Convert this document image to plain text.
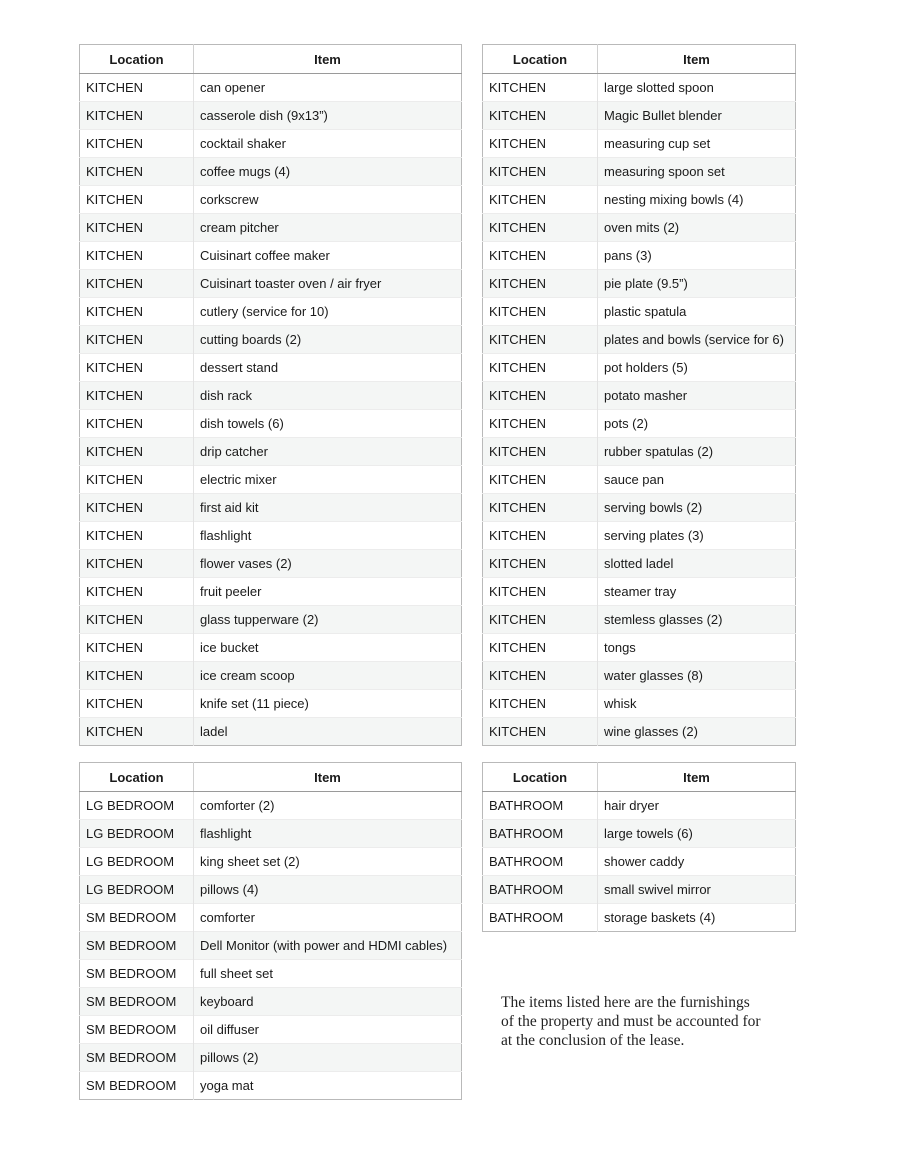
Location	Item
KITCHEN	can opener
KITCHEN	casserole dish (9x13”)
KITCHEN	cocktail shaker
KITCHEN	coffee mugs (4)
KITCHEN	corkscrew
KITCHEN	cream pitcher
KITCHEN	Cuisinart coffee maker
KITCHEN	Cuisinart toaster oven / air fryer
KITCHEN	cutlery (service for 10)
KITCHEN	cutting boards (2)
KITCHEN	dessert stand
KITCHEN	dish rack
KITCHEN	dish towels (6)
KITCHEN	drip catcher
KITCHEN	electric mixer
KITCHEN	first aid kit
KITCHEN	flashlight
KITCHEN	flower vases (2)
KITCHEN	fruit peeler
KITCHEN	glass tupperware (2)
KITCHEN	ice bucket
KITCHEN	ice cream scoop
KITCHEN	knife set (11 piece)
KITCHEN	ladel
Location	Item
KITCHEN	large slotted spoon
KITCHEN	Magic Bullet blender
KITCHEN	measuring cup set
KITCHEN	measuring spoon set
KITCHEN	nesting mixing bowls (4)
KITCHEN	oven mits (2)
KITCHEN	pans (3)
KITCHEN	pie plate (9.5”)
KITCHEN	plastic spatula
KITCHEN	plates and bowls (service for 6)
KITCHEN	pot holders (5)
KITCHEN	potato masher
KITCHEN	pots (2)
KITCHEN	rubber spatulas (2)
KITCHEN	sauce pan
KITCHEN	serving bowls (2)
KITCHEN	serving plates (3)
KITCHEN	slotted ladel
KITCHEN	steamer tray
KITCHEN	stemless glasses (2)
KITCHEN	tongs
KITCHEN	water glasses (8)
KITCHEN	whisk
KITCHEN	wine glasses (2)
Location	Item
LG BEDROOM	comforter (2)
LG BEDROOM	flashlight
LG BEDROOM	king sheet set (2)
LG BEDROOM	pillows (4)
SM BEDROOM	comforter
SM BEDROOM	Dell Monitor (with power and HDMI cables)
SM BEDROOM	full sheet set
SM BEDROOM	keyboard
SM BEDROOM	oil diffuser
SM BEDROOM	pillows (2)
SM BEDROOM	yoga mat
Location	Item
BATHROOM	hair dryer
BATHROOM	large towels (6)
BATHROOM	shower caddy
BATHROOM	small swivel mirror
BATHROOM	storage baskets (4)

The items listed here are the furnishings
of the property and must be accounted for
at the conclusion of the lease.
